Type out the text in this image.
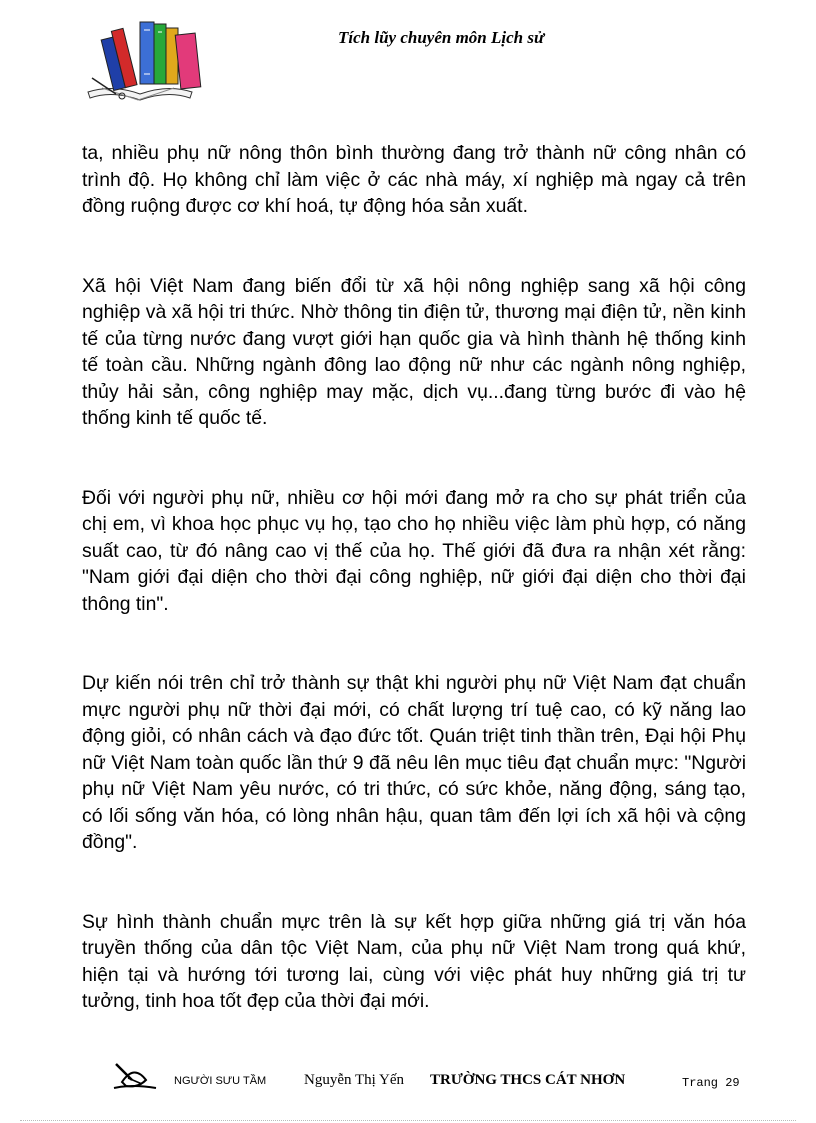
Tích lũy chuyên môn Lịch sử

ta, nhiều phụ nữ nông thôn bình thường đang trở thành nữ công nhân có trình độ. Họ không chỉ làm việc ở các nhà máy, xí nghiệp mà ngay cả trên đồng ruộng được cơ khí hoá, tự động hóa sản xuất.

Xã hội Việt Nam đang biến đổi từ xã hội nông nghiệp sang xã hội công nghiệp và xã hội tri thức. Nhờ thông tin điện tử, thương mại điện tử, nền kinh tế của từng nước đang vượt giới hạn quốc gia và hình thành hệ thống kinh tế toàn cầu. Những ngành đông lao động nữ như các ngành nông nghiệp, thủy hải sản, công nghiệp may mặc, dịch vụ...đang từng bước đi vào hệ thống kinh tế quốc tế.

Đối với người phụ nữ, nhiều cơ hội mới đang mở ra cho sự phát triển của chị em, vì khoa học phục vụ họ, tạo cho họ nhiều việc làm phù hợp, có năng suất cao, từ đó nâng cao vị thế của họ. Thế giới đã đưa ra nhận xét rằng: "Nam giới đại diện cho thời đại công nghiệp, nữ giới đại diện cho thời đại thông tin".

Dự kiến nói trên chỉ trở thành sự thật khi người phụ nữ Việt Nam đạt chuẩn mực người phụ nữ thời đại mới, có chất lượng trí tuệ cao, có kỹ năng lao động giỏi, có nhân cách và đạo đức tốt. Quán triệt tinh thần trên, Đại hội Phụ nữ Việt Nam toàn quốc lần thứ 9 đã nêu lên mục tiêu đạt chuẩn mực: "Người phụ nữ Việt Nam yêu nước, có tri thức, có sức khỏe, năng động, sáng tạo, có lối sống văn hóa, có lòng nhân hậu, quan tâm đến lợi ích xã hội và cộng đồng".

Sự hình thành chuẩn mực trên là sự kết hợp giữa những giá trị văn hóa truyền thống của dân tộc Việt Nam, của phụ nữ Việt Nam trong quá khứ, hiện tại và hướng tới tương lai, cùng với việc phát huy những giá trị tư tưởng, tinh hoa tốt đẹp của thời đại mới.

NGƯỜI SƯU TẦM	Nguyễn Thị Yến TRƯỜNG THCS CÁT NHƠN	Trang 29
